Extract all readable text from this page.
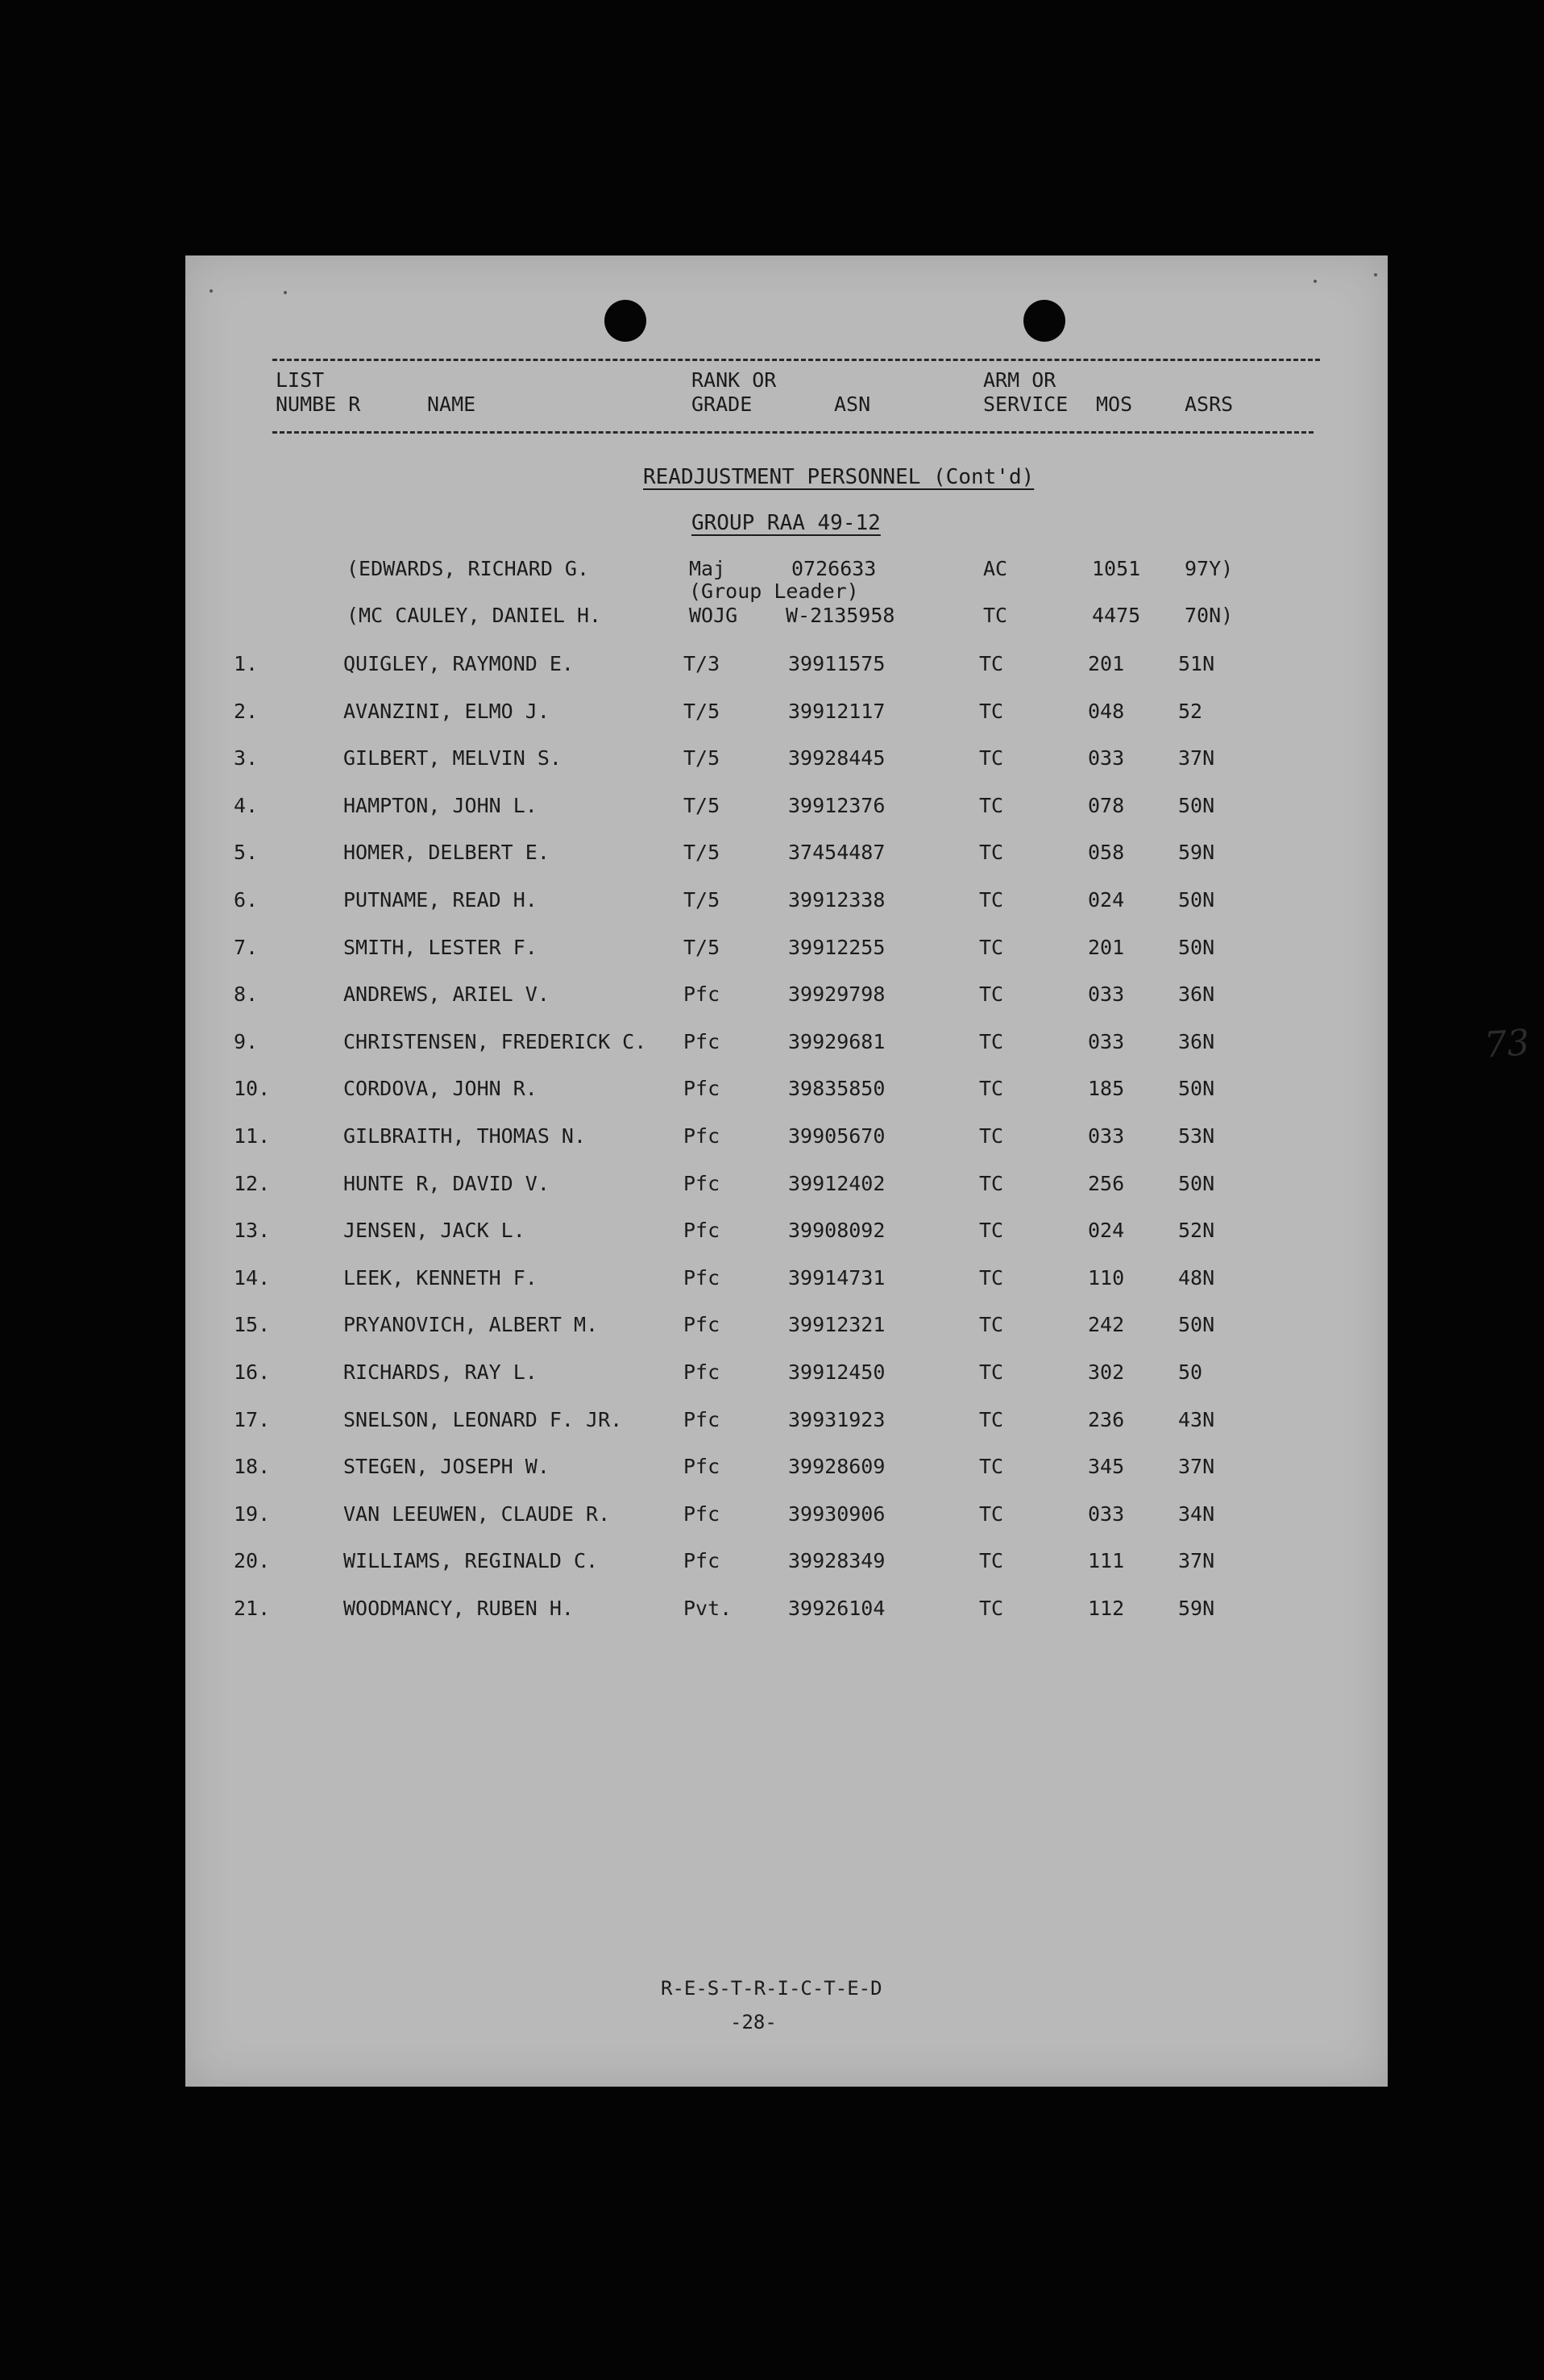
LIST
NUMBE R	NAME
RANK OR
GRADE	ASN
ARM OR
SERVICE MOS	ASRS
READJUSTMENT PERSONNEL (Cont'd)
GROUP RAA 49-12
(EDWARDS, RICHARD G.	Maj	0726633	AC	1051 97Y)
(Group Leader)
(MC CAULEY, DANIEL H.	WOJG W-2135958	TC	4475 70N)
1.	QUIGLEY, RAYMOND E.	T/3	39911575	TC	201	51N
2.	AVANZINI, ELMO J.	T/5	39912117	TC	048	52
3.	GILBERT, MELVIN S.	T/5	39928445	TC	033	37N
4.	HAMPTON, JOHN L.	T/5	39912376	TC	078	50N
5.	HOMER, DELBERT E.	T/5	37454487	TC	058	59N
6.	PUTNAME, READ H.	T/5	39912338	TC	024	50N
7.	SMITH, LESTER F.	T/5	39912255	TC	201	50N
8.	ANDREWS, ARIEL V.	Pfc	39929798	TC	033	36N
9.	CHRISTENSEN, FREDERICK C. Pfc	39929681	TC	033	36N
10.	CORDOVA, JOHN R.	Pfc	39835850	TC	185	50N
11.	GILBRAITH, THOMAS N.	Pfc	39905670	TC	033	53N
12.	HUNTE R, DAVID V.	Pfc	39912402	TC	256	50N
13.	JENSEN, JACK L.	Pfc	39908092	TC	024	52N
14.	LEEK, KENNETH F.	Pfc	39914731	TC	110	48N
15.	PRYANOVICH, ALBERT M.	Pfc	39912321	TC	242	50N
16.	RICHARDS, RAY L.	Pfc	39912450	TC	302	50
17.	SNELSON, LEONARD F. JR.	Pfc	39931923	TC	236	43N
18.	STEGEN, JOSEPH W.	Pfc	39928609	TC	345	37N
19.	VAN LEEUWEN, CLAUDE R.	Pfc	39930906	TC	033	34N
20.	WILLIAMS, REGINALD C.	Pfc	39928349	TC	111	37N
21.	WOODMANCY, RUBEN H.	Pvt.	39926104	TC	112	59N
73
R-E-S-T-R-I-C-T-E-D
-28-
